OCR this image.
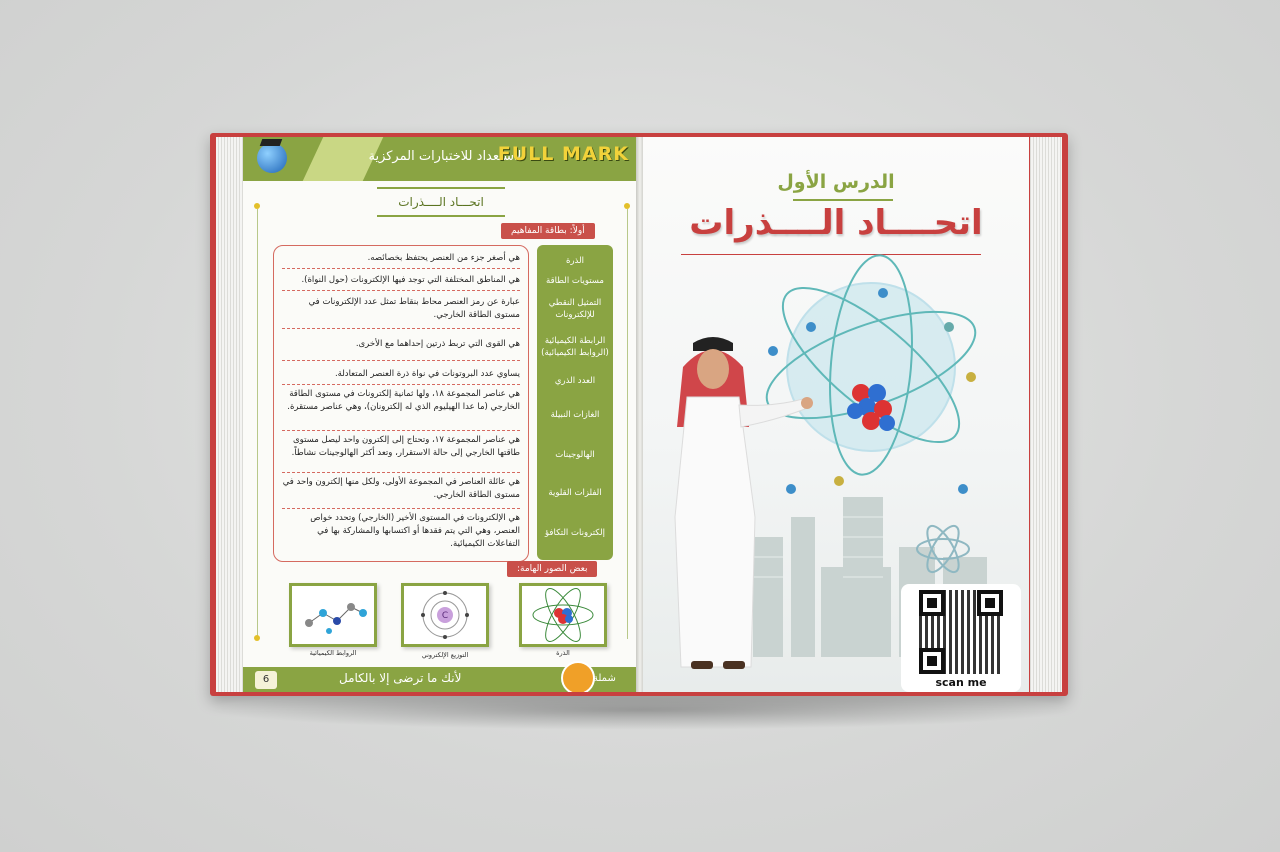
الاستعداد للاختبارات المركزية
FULL MARK
اتحـــاد الــــذرات
أولاً: بطاقة المفاهيم
الذرة
مستويات الطاقة
التمثيل النقطي للإلكترونات
الرابطة الكيميائية (الروابط الكيميائية)
العدد الذري
الغازات النبيلة
الهالوجينات
الفلزات القلوية
إلكترونات التكافؤ
هي أصغر جزء من العنصر يحتفظ بخصائصه.
هي المناطق المختلفة التي توجد فيها الإلكترونات (حول النواة).
عبارة عن رمز العنصر محاط بنقاط تمثل عدد الإلكترونات في مستوى الطاقة الخارجي.
هي القوى التي تربط ذرتين إحداهما مع الأخرى.
يساوي عدد البروتونات في نواة ذرة العنصر المتعادلة.
هي عناصر المجموعة ١٨، ولها ثمانية إلكترونات في مستوى الطاقة الخارجي (ما عدا الهيليوم الذي له إلكترونان)، وهي عناصر مستقرة.
هي عناصر المجموعة ١٧، وتحتاج إلى إلكترون واحد ليصل مستوى طاقتها الخارجي إلى حالة الاستقرار، وتعد أكثر الهالوجينات نشاطاً.
هي عائلة العناصر في المجموعة الأولى، ولكل منها إلكترون واحد في مستوى الطاقة الخارجي.
هي الإلكترونات في المستوى الأخير (الخارجي) وتحدد خواص العنصر، وهي التي يتم فقدها أو اكتسابها والمشاركة بها في التفاعلات الكيميائية.
بعض الصور الهامة:
الذرة
C
التوزيع الإلكتروني
الروابط الكيميائية
6	لأنك ما ترضى إلا بالكامل	شملة
الدرس الأول
اتحــــاد الــــذرات
scan me
